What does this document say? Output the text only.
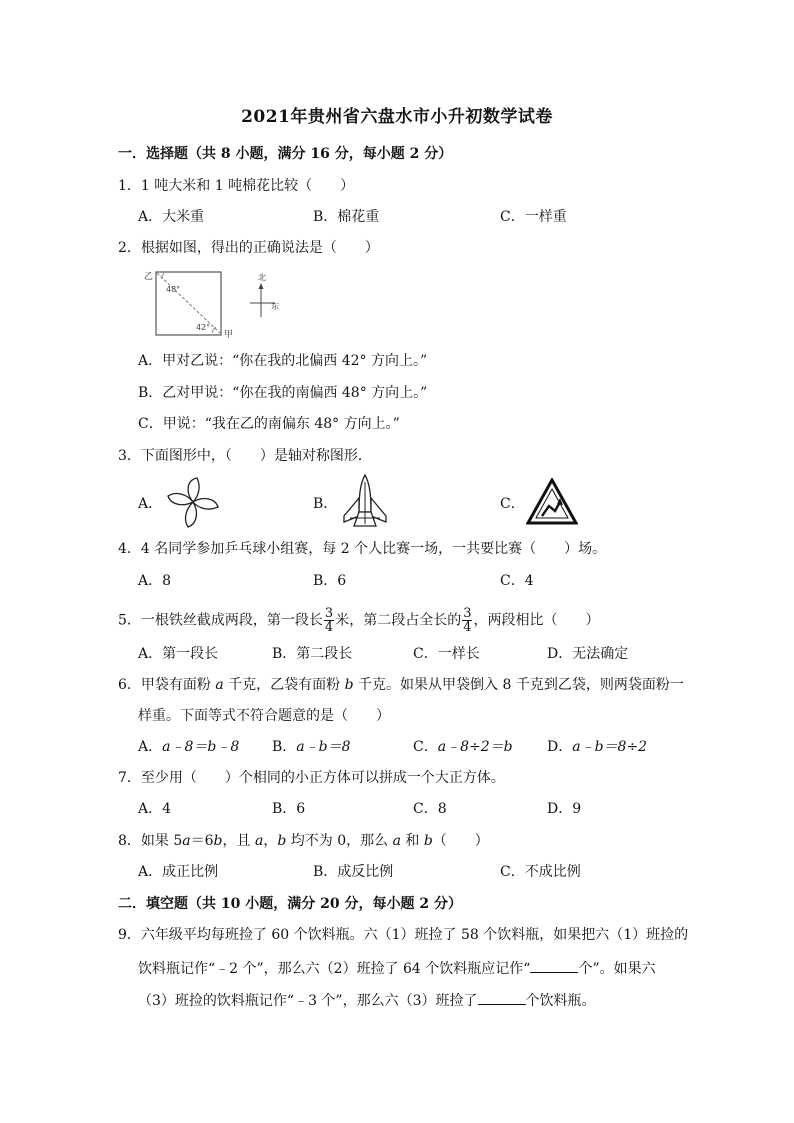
2021年贵州省六盘水市小升初数学试卷
一．选择题（共 8 小题，满分 16 分，每小题 2 分）
1．1 吨大米和 1 吨棉花比较（　　）
A．大米重	B．棉花重	C．一样重
2．根据如图，得出的正确说法是（　　）
乙
48°
42°
甲
北
东
A．甲对乙说：“你在我的北偏西 42° 方向上。”
B．乙对甲说：“你在我的南偏西 48° 方向上。”
C．甲说：“我在乙的南偏东 48° 方向上。”
3．下面图形中，（　　）是轴对称图形．
A．	B．	C．
4．4 名同学参加乒乓球小组赛，每 2 个人比赛一场，一共要比赛（　　）场。
A．8	B．6	C．4
5．一根铁丝截成两段，第一段长 $\frac{3}{4}$ 米，第二段占全长的 $\frac{3}{4}$ ，两段相比（　　）
A．第一段长	B．第二段长	C．一样长	D．无法确定
6．甲袋有面粉 a 千克，乙袋有面粉 b 千克。如果从甲袋倒入 8 千克到乙袋，则两袋面粉一
样重。下面等式不符合题意的是（　　）
A．a﹣8＝b﹣8 B．a﹣b＝8	C．a﹣8÷2＝b D．a﹣b＝8÷2
7．至少用（　　）个相同的小正方体可以拼成一个大正方体。
A．4	B．6	C．8	D．9
8．如果 5a＝6b，且 a，b 均不为 0，那么 a 和 b（　　）
A．成正比例	B．成反比例	C．不成比例
二．填空题（共 10 小题，满分 20 分，每小题 2 分）
9．六年级平均每班捡了 60 个饮料瓶。六（1）班捡了 58 个饮料瓶，如果把六（1）班捡的
饮料瓶记作“﹣2 个”，那么六（2）班捡了 64 个饮料瓶应记作“	个”。如果六
（3）班捡的饮料瓶记作“﹣3 个”，那么六（3）班捡了	个饮料瓶。
